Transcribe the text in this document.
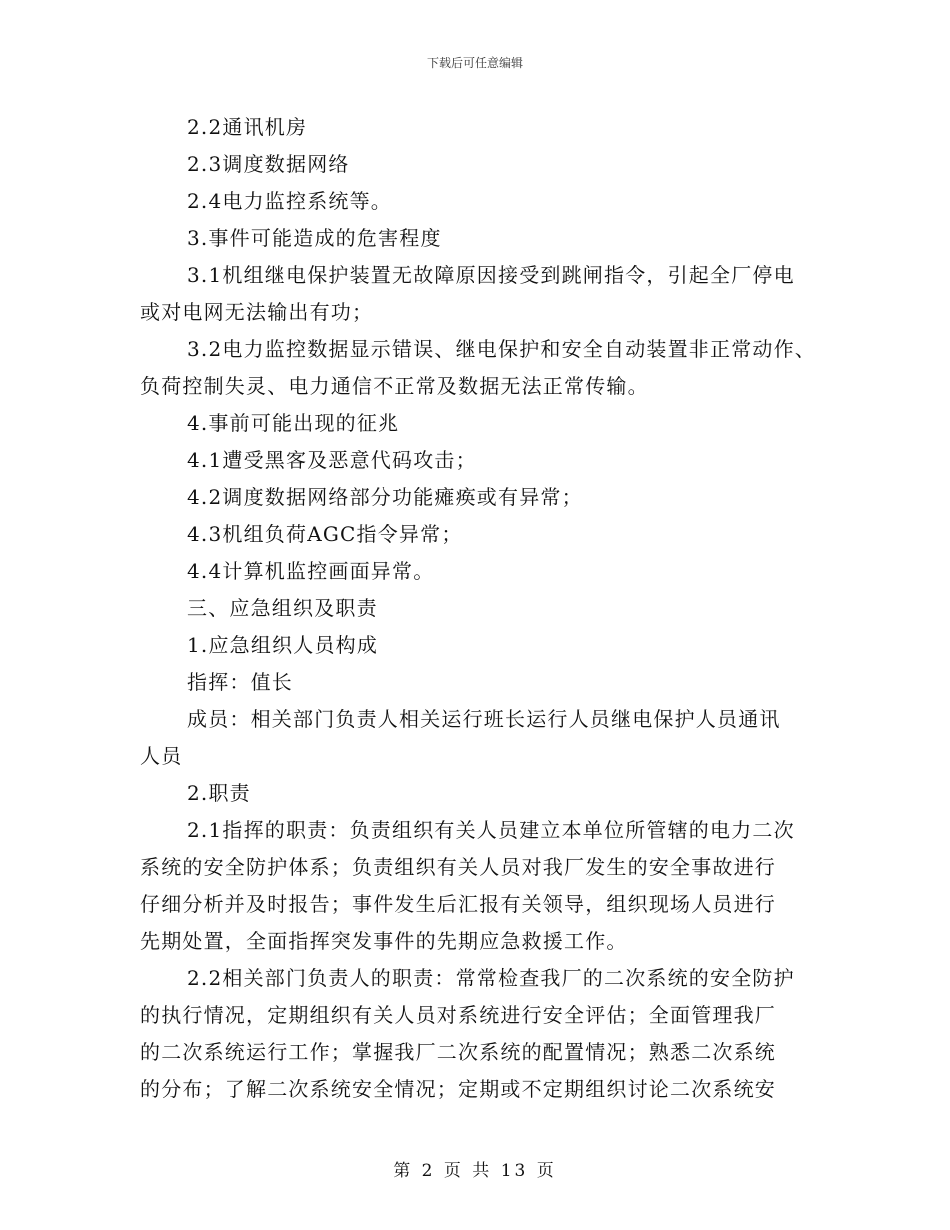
下载后可任意编辑
2.2通讯机房
2.3调度数据网络
2.4电力监控系统等。
3.事件可能造成的危害程度
3.1机组继电保护装置无故障原因接受到跳闸指令，引起全厂停电
或对电网无法输出有功；
3.2电力监控数据显示错误、继电保护和安全自动装置非正常动作、
负荷控制失灵、电力通信不正常及数据无法正常传输。
4.事前可能出现的征兆
4.1遭受黑客及恶意代码攻击；
4.2调度数据网络部分功能瘫痪或有异常；
4.3机组负荷AGC指令异常；
4.4计算机监控画面异常。
三、应急组织及职责
1.应急组织人员构成
指挥：值长
成员：相关部门负责人相关运行班长运行人员继电保护人员通讯
人员
2.职责
2.1指挥的职责：负责组织有关人员建立本单位所管辖的电力二次
系统的安全防护体系；负责组织有关人员对我厂发生的安全事故进行
仔细分析并及时报告；事件发生后汇报有关领导，组织现场人员进行
先期处置，全面指挥突发事件的先期应急救援工作。
2.2相关部门负责人的职责：常常检查我厂的二次系统的安全防护
的执行情况，定期组织有关人员对系统进行安全评估；全面管理我厂
的二次系统运行工作；掌握我厂二次系统的配置情况；熟悉二次系统
的分布；了解二次系统安全情况；定期或不定期组织讨论二次系统安
第 2 页 共 13 页
